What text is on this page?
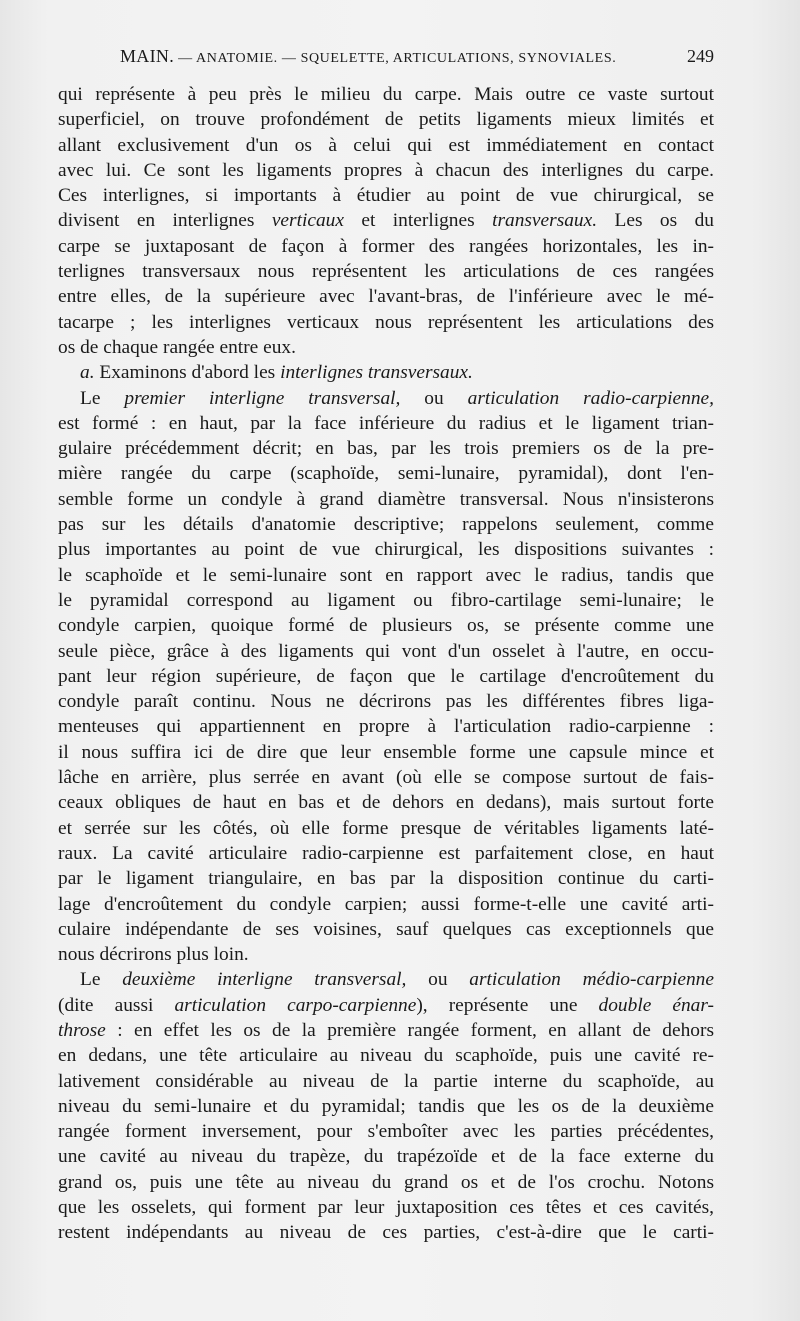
MAIN. — ANATOMIE. — SQUELETTE, ARTICULATIONS, SYNOVIALES.	249
qui représente à peu près le milieu du carpe. Mais outre ce vaste surtout
superficiel, on trouve profondément de petits ligaments mieux limités et
allant exclusivement d'un os à celui qui est immédiatement en contact
avec lui. Ce sont les ligaments propres à chacun des interlignes du carpe.
Ces interlignes, si importants à étudier au point de vue chirurgical, se
divisent en interlignes verticaux et interlignes transversaux. Les os du
carpe se juxtaposant de façon à former des rangées horizontales, les in-
terlignes transversaux nous représentent les articulations de ces rangées
entre elles, de la supérieure avec l'avant-bras, de l'inférieure avec le mé-
tacarpe ; les interlignes verticaux nous représentent les articulations des
os de chaque rangée entre eux.
a. Examinons d'abord les interlignes transversaux.
Le premier interligne transversal, ou articulation radio-carpienne,
est formé : en haut, par la face inférieure du radius et le ligament trian-
gulaire précédemment décrit; en bas, par les trois premiers os de la pre-
mière rangée du carpe (scaphoïde, semi-lunaire, pyramidal), dont l'en-
semble forme un condyle à grand diamètre transversal. Nous n'insisterons
pas sur les détails d'anatomie descriptive; rappelons seulement, comme
plus importantes au point de vue chirurgical, les dispositions suivantes :
le scaphoïde et le semi-lunaire sont en rapport avec le radius, tandis que
le pyramidal correspond au ligament ou fibro-cartilage semi-lunaire; le
condyle carpien, quoique formé de plusieurs os, se présente comme une
seule pièce, grâce à des ligaments qui vont d'un osselet à l'autre, en occu-
pant leur région supérieure, de façon que le cartilage d'encroûtement du
condyle paraît continu. Nous ne décrirons pas les différentes fibres liga-
menteuses qui appartiennent en propre à l'articulation radio-carpienne :
il nous suffira ici de dire que leur ensemble forme une capsule mince et
lâche en arrière, plus serrée en avant (où elle se compose surtout de fais-
ceaux obliques de haut en bas et de dehors en dedans), mais surtout forte
et serrée sur les côtés, où elle forme presque de véritables ligaments laté-
raux. La cavité articulaire radio-carpienne est parfaitement close, en haut
par le ligament triangulaire, en bas par la disposition continue du carti-
lage d'encroûtement du condyle carpien; aussi forme-t-elle une cavité arti-
culaire indépendante de ses voisines, sauf quelques cas exceptionnels que
nous décrirons plus loin.
Le deuxième interligne transversal, ou articulation médio-carpienne
(dite aussi articulation carpo-carpienne), représente une double énar-
throse : en effet les os de la première rangée forment, en allant de dehors
en dedans, une tête articulaire au niveau du scaphoïde, puis une cavité re-
lativement considérable au niveau de la partie interne du scaphoïde, au
niveau du semi-lunaire et du pyramidal; tandis que les os de la deuxième
rangée forment inversement, pour s'emboîter avec les parties précédentes,
une cavité au niveau du trapèze, du trapézoïde et de la face externe du
grand os, puis une tête au niveau du grand os et de l'os crochu. Notons
que les osselets, qui forment par leur juxtaposition ces têtes et ces cavités,
restent indépendants au niveau de ces parties, c'est-à-dire que le carti-
